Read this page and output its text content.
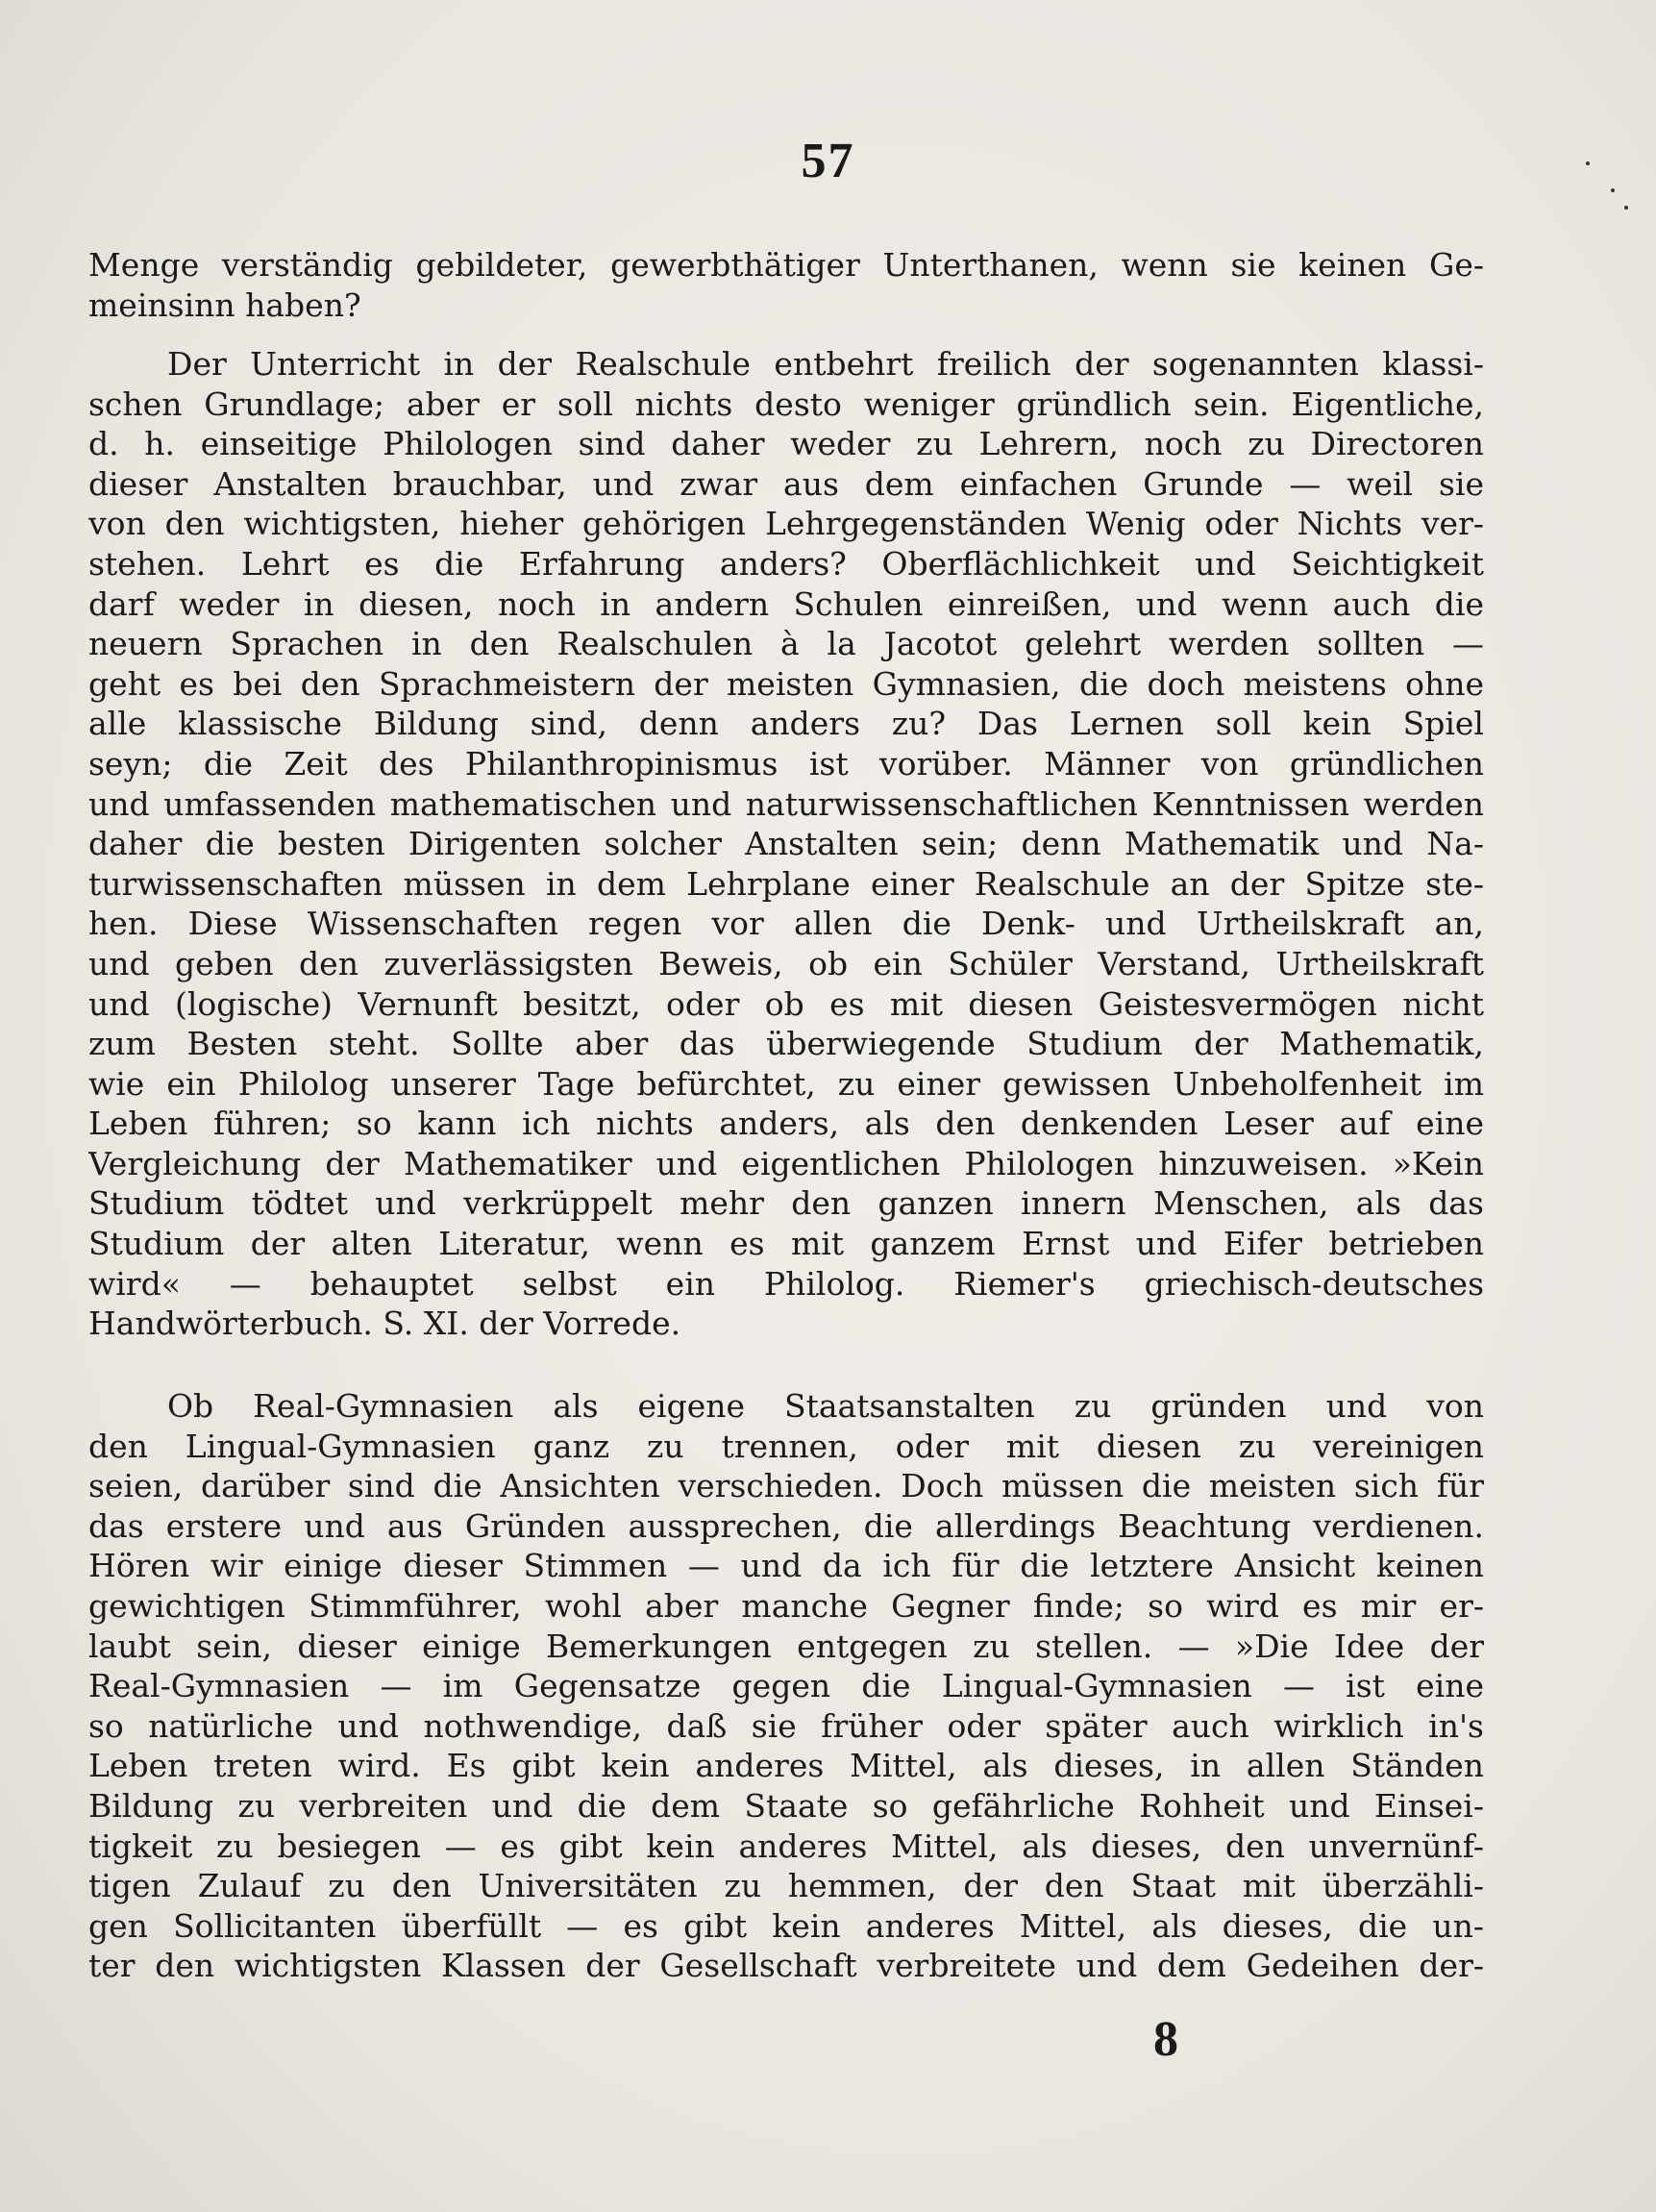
57
Menge verständig gebildeter, gewerbthätiger Unterthanen, wenn sie keinen Ge-
meinsinn haben?
Der Unterricht in der Realschule entbehrt freilich der sogenannten klassi-
schen Grundlage; aber er soll nichts desto weniger gründlich sein. Eigentliche,
d. h. einseitige Philologen sind daher weder zu Lehrern, noch zu Directoren
dieser Anstalten brauchbar, und zwar aus dem einfachen Grunde — weil sie
von den wichtigsten, hieher gehörigen Lehrgegenständen Wenig oder Nichts ver-
stehen. Lehrt es die Erfahrung anders? Oberflächlichkeit und Seichtigkeit
darf weder in diesen, noch in andern Schulen einreißen, und wenn auch die
neuern Sprachen in den Realschulen à la Jacotot gelehrt werden sollten —
geht es bei den Sprachmeistern der meisten Gymnasien, die doch meistens ohne
alle klassische Bildung sind, denn anders zu? Das Lernen soll kein Spiel
seyn; die Zeit des Philanthropinismus ist vorüber. Männer von gründlichen
und umfassenden mathematischen und naturwissenschaftlichen Kenntnissen werden
daher die besten Dirigenten solcher Anstalten sein; denn Mathematik und Na-
turwissenschaften müssen in dem Lehrplane einer Realschule an der Spitze ste-
hen. Diese Wissenschaften regen vor allen die Denk- und Urtheilskraft an,
und geben den zuverlässigsten Beweis, ob ein Schüler Verstand, Urtheilskraft
und (logische) Vernunft besitzt, oder ob es mit diesen Geistesvermögen nicht
zum Besten steht. Sollte aber das überwiegende Studium der Mathematik,
wie ein Philolog unserer Tage befürchtet, zu einer gewissen Unbeholfenheit im
Leben führen; so kann ich nichts anders, als den denkenden Leser auf eine
Vergleichung der Mathematiker und eigentlichen Philologen hinzuweisen. »Kein
Studium tödtet und verkrüppelt mehr den ganzen innern Menschen, als das
Studium der alten Literatur, wenn es mit ganzem Ernst und Eifer betrieben
wird« — behauptet selbst ein Philolog. Riemer's griechisch-deutsches
Handwörterbuch. S. XI. der Vorrede.
Ob Real-Gymnasien als eigene Staatsanstalten zu gründen und von
den Lingual-Gymnasien ganz zu trennen, oder mit diesen zu vereinigen
seien, darüber sind die Ansichten verschieden. Doch müssen die meisten sich für
das erstere und aus Gründen aussprechen, die allerdings Beachtung verdienen.
Hören wir einige dieser Stimmen — und da ich für die letztere Ansicht keinen
gewichtigen Stimmführer, wohl aber manche Gegner finde; so wird es mir er-
laubt sein, dieser einige Bemerkungen entgegen zu stellen. — »Die Idee der
Real-Gymnasien — im Gegensatze gegen die Lingual-Gymnasien — ist eine
so natürliche und nothwendige, daß sie früher oder später auch wirklich in's
Leben treten wird. Es gibt kein anderes Mittel, als dieses, in allen Ständen
Bildung zu verbreiten und die dem Staate so gefährliche Rohheit und Einsei-
tigkeit zu besiegen — es gibt kein anderes Mittel, als dieses, den unvernünf-
tigen Zulauf zu den Universitäten zu hemmen, der den Staat mit überzähli-
gen Sollicitanten überfüllt — es gibt kein anderes Mittel, als dieses, die un-
ter den wichtigsten Klassen der Gesellschaft verbreitete und dem Gedeihen der-
8
